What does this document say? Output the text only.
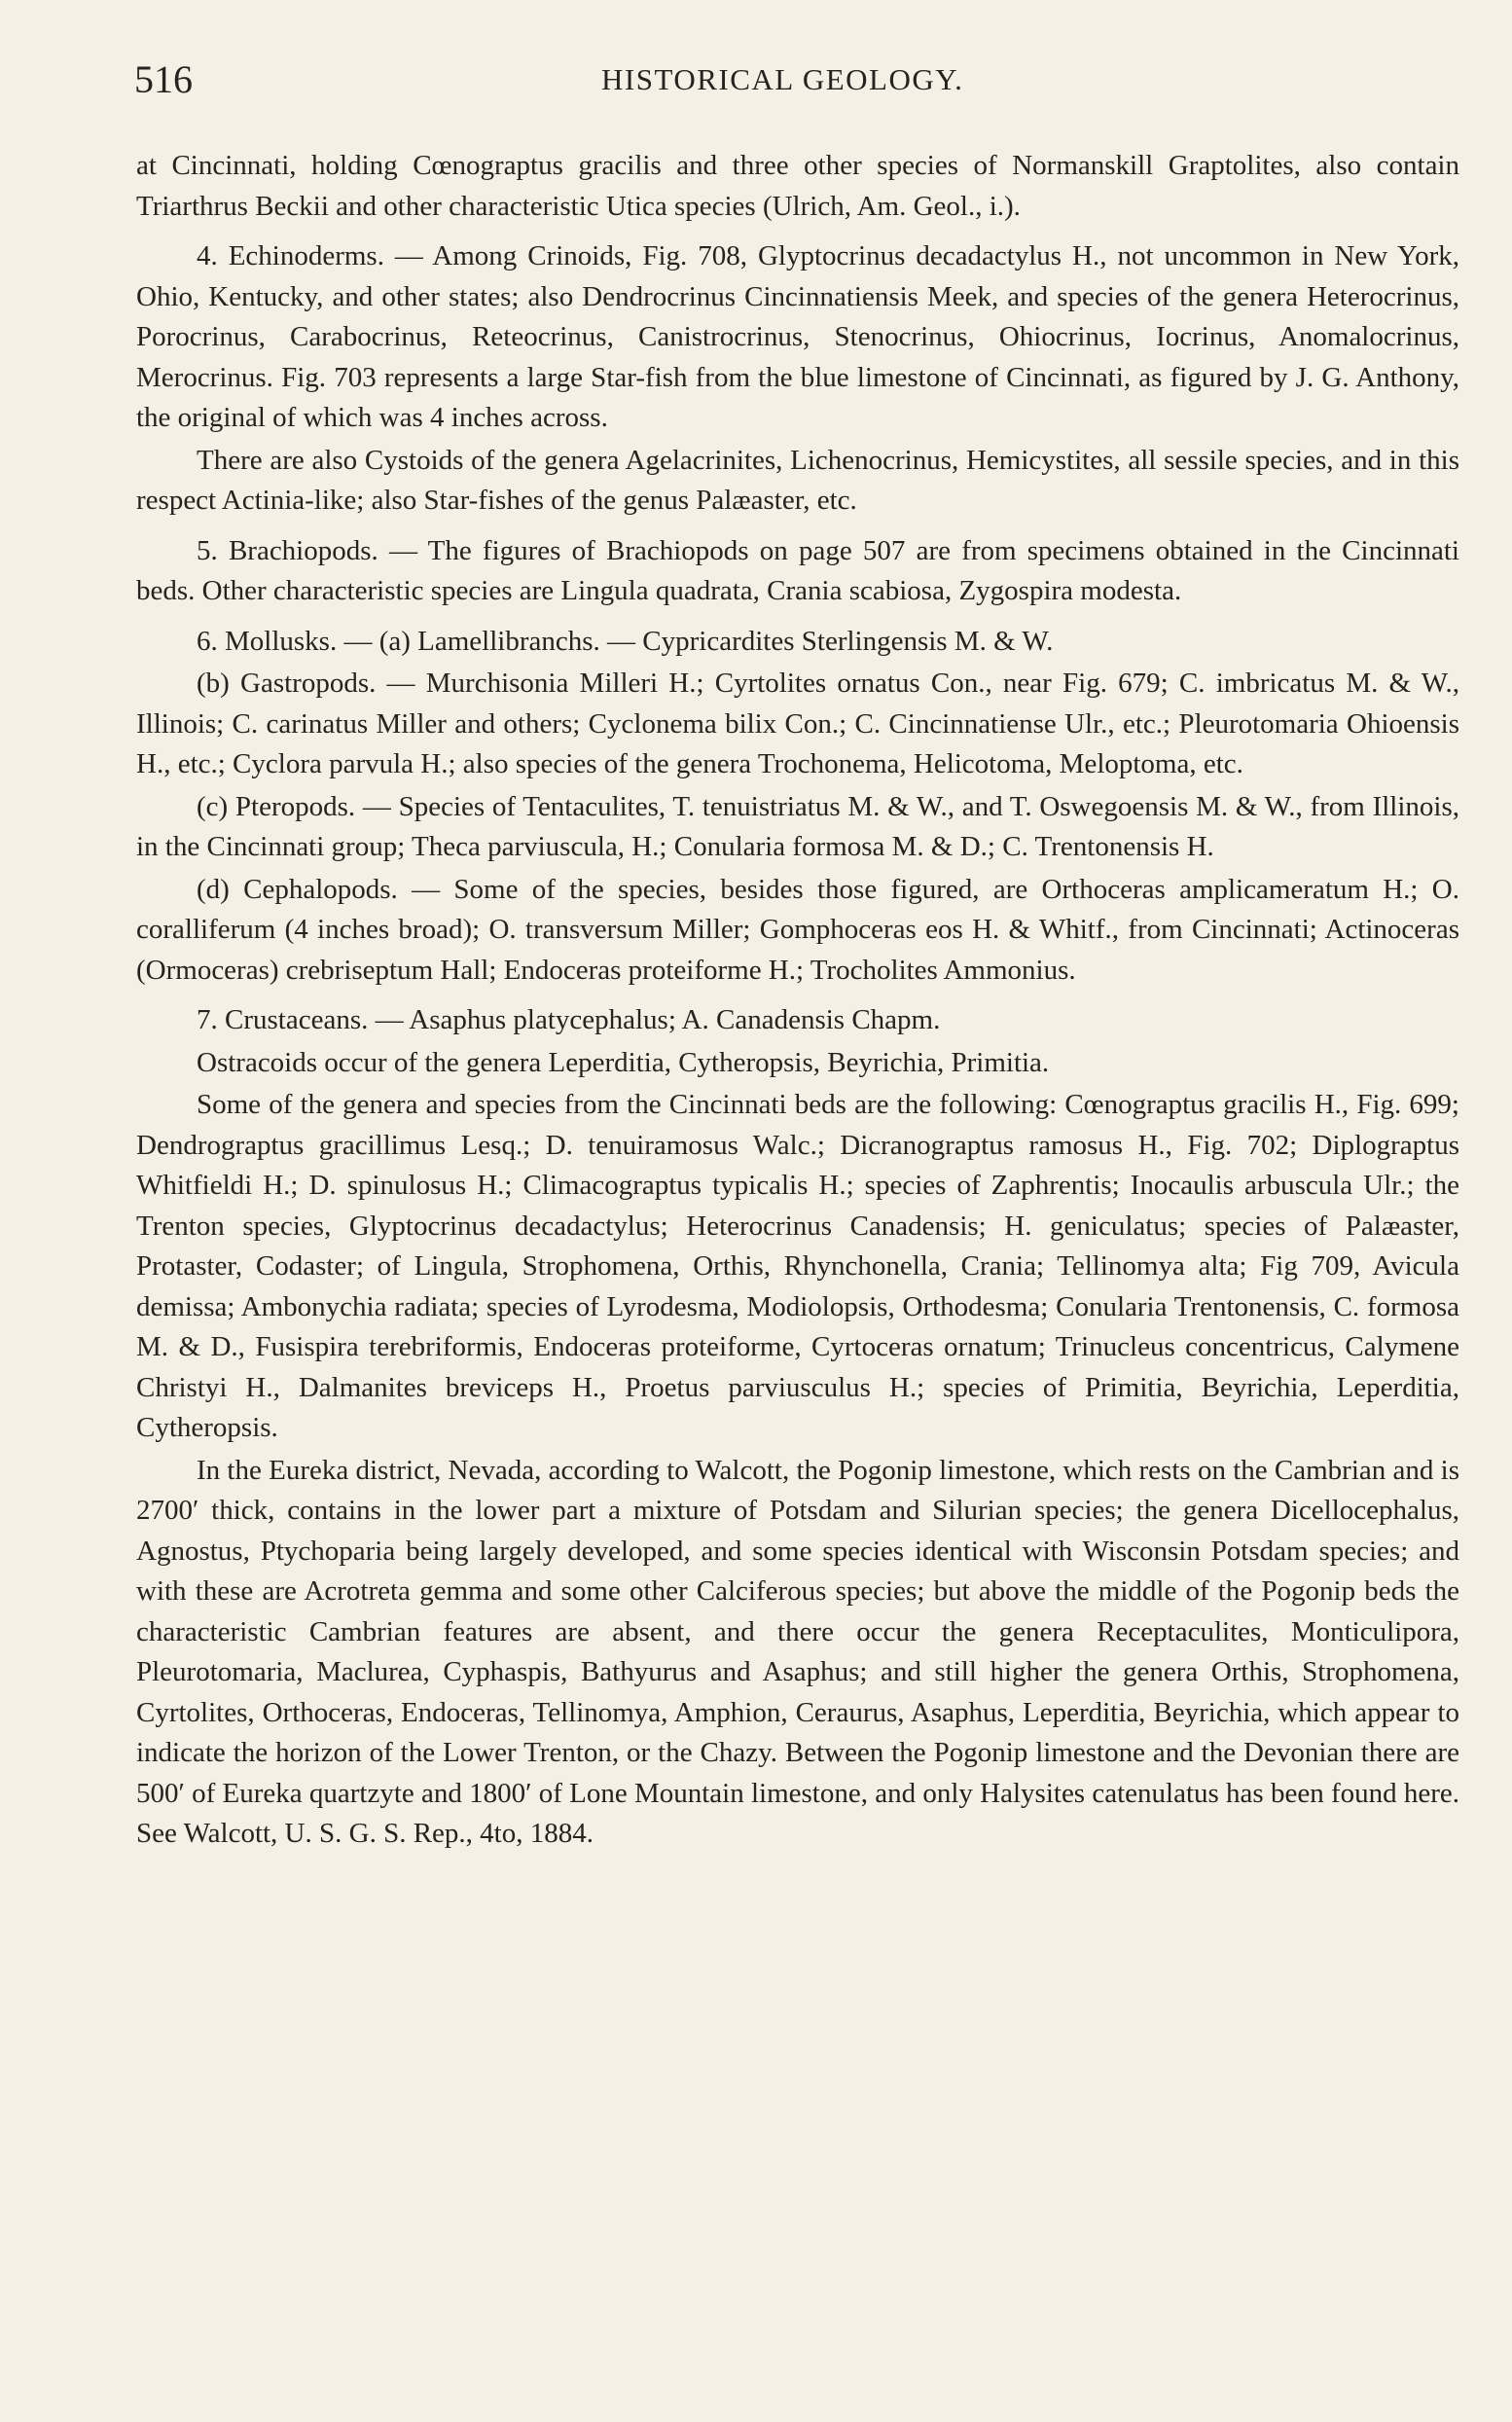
516	HISTORICAL GEOLOGY.

at Cincinnati, holding Cœnograptus gracilis and three other species of Normanskill Graptolites, also contain Triarthrus Beckii and other characteristic Utica species (Ulrich, Am. Geol., i.).

4. Echinoderms. — Among Crinoids, Fig. 708, Glyptocrinus decadactylus H., not uncommon in New York, Ohio, Kentucky, and other states; also Dendrocrinus Cincinnatiensis Meek, and species of the genera Heterocrinus, Porocrinus, Carabocrinus, Reteocrinus, Canistrocrinus, Stenocrinus, Ohiocrinus, Iocrinus, Anomalocrinus, Merocrinus. Fig. 703 represents a large Star-fish from the blue limestone of Cincinnati, as figured by J. G. Anthony, the original of which was 4 inches across.

There are also Cystoids of the genera Agelacrinites, Lichenocrinus, Hemicystites, all sessile species, and in this respect Actinia-like; also Star-fishes of the genus Palæaster, etc.

5. Brachiopods. — The figures of Brachiopods on page 507 are from specimens obtained in the Cincinnati beds. Other characteristic species are Lingula quadrata, Crania scabiosa, Zygospira modesta.

6. Mollusks. — (a) Lamellibranchs. — Cypricardites Sterlingensis M. & W.

(b) Gastropods. — Murchisonia Milleri H.; Cyrtolites ornatus Con., near Fig. 679; C. imbricatus M. & W., Illinois; C. carinatus Miller and others; Cyclonema bilix Con.; C. Cincinnatiense Ulr., etc.; Pleurotomaria Ohioensis H., etc.; Cyclora parvula H.; also species of the genera Trochonema, Helicotoma, Meloptoma, etc.

(c) Pteropods. — Species of Tentaculites, T. tenuistriatus M. & W., and T. Oswegoensis M. & W., from Illinois, in the Cincinnati group; Theca parviuscula, H.; Conularia formosa M. & D.; C. Trentonensis H.

(d) Cephalopods. — Some of the species, besides those figured, are Orthoceras amplicameratum H.; O. coralliferum (4 inches broad); O. transversum Miller; Gomphoceras eos H. & Whitf., from Cincinnati; Actinoceras (Ormoceras) crebriseptum Hall; Endoceras proteiforme H.; Trocholites Ammonius.

7. Crustaceans. — Asaphus platycephalus; A. Canadensis Chapm.

Ostracoids occur of the genera Leperditia, Cytheropsis, Beyrichia, Primitia.

Some of the genera and species from the Cincinnati beds are the following: Cœnograptus gracilis H., Fig. 699; Dendrograptus gracillimus Lesq.; D. tenuiramosus Walc.; Dicranograptus ramosus H., Fig. 702; Diplograptus Whitfieldi H.; D. spinulosus H.; Climacograptus typicalis H.; species of Zaphrentis; Inocaulis arbuscula Ulr.; the Trenton species, Glyptocrinus decadactylus; Heterocrinus Canadensis; H. geniculatus; species of Palæaster, Protaster, Codaster; of Lingula, Strophomena, Orthis, Rhynchonella, Crania; Tellinomya alta; Fig 709, Avicula demissa; Ambonychia radiata; species of Lyrodesma, Modiolopsis, Orthodesma; Conularia Trentonensis, C. formosa M. & D., Fusispira terebriformis, Endoceras proteiforme, Cyrtoceras ornatum; Trinucleus concentricus, Calymene Christyi H., Dalmanites breviceps H., Proetus parviusculus H.; species of Primitia, Beyrichia, Leperditia, Cytheropsis.

In the Eureka district, Nevada, according to Walcott, the Pogonip limestone, which rests on the Cambrian and is 2700′ thick, contains in the lower part a mixture of Potsdam and Silurian species; the genera Dicellocephalus, Agnostus, Ptychoparia being largely developed, and some species identical with Wisconsin Potsdam species; and with these are Acrotreta gemma and some other Calciferous species; but above the middle of the Pogonip beds the characteristic Cambrian features are absent, and there occur the genera Receptaculites, Monticulipora, Pleurotomaria, Maclurea, Cyphaspis, Bathyurus and Asaphus; and still higher the genera Orthis, Strophomena, Cyrtolites, Orthoceras, Endoceras, Tellinomya, Amphion, Ceraurus, Asaphus, Leperditia, Beyrichia, which appear to indicate the horizon of the Lower Trenton, or the Chazy. Between the Pogonip limestone and the Devonian there are 500′ of Eureka quartzyte and 1800′ of Lone Mountain limestone, and only Halysites catenulatus has been found here. See Walcott, U. S. G. S. Rep., 4to, 1884.
